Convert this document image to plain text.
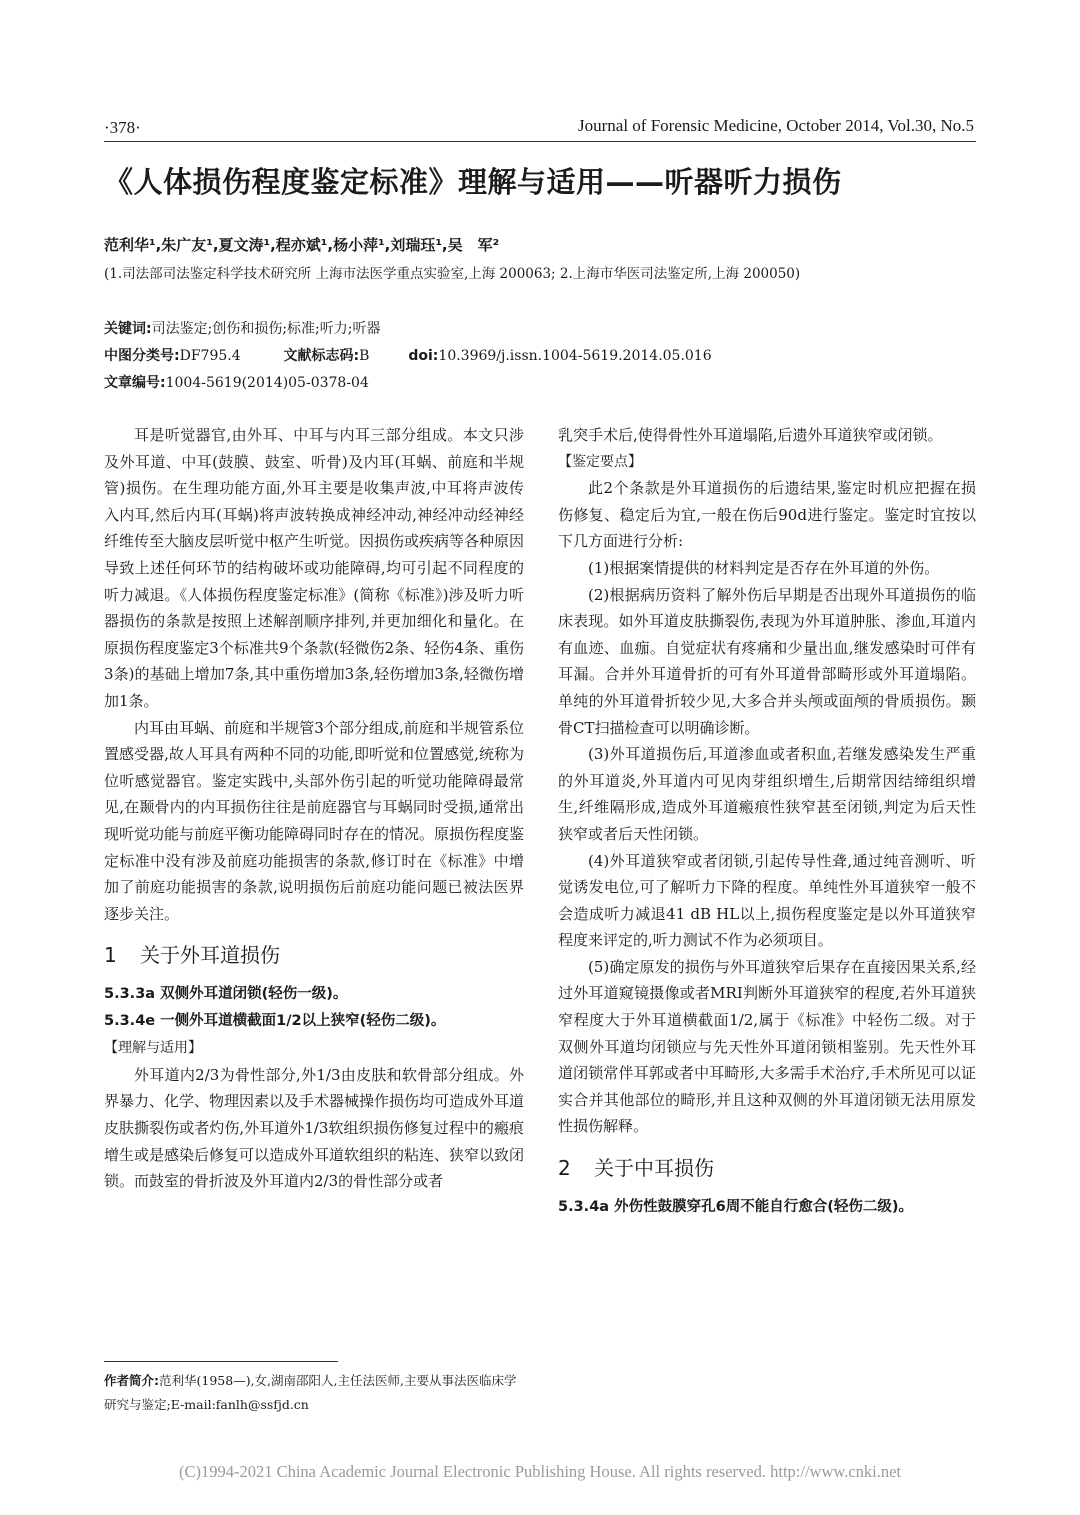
·378·	Journal of Forensic Medicine, October 2014, Vol.30, No.5
《人体损伤程度鉴定标准》理解与适用——听器听力损伤
范利华¹,朱广友¹,夏文涛¹,程亦斌¹,杨小萍¹,刘瑞珏¹,吴　军²
(1.司法部司法鉴定科学技术研究所 上海市法医学重点实验室,上海 200063; 2.上海市华医司法鉴定所,上海 200050)
关键词:司法鉴定;创伤和损伤;标准;听力;听器
中图分类号:DF795.4	文献标志码:B	doi:10.3969/j.issn.1004-5619.2014.05.016
文章编号:1004-5619(2014)05-0378-04

耳是听觉器官,由外耳、中耳与内耳三部分组成。本文只涉及外耳道、中耳(鼓膜、鼓室、听骨)及内耳(耳蜗、前庭和半规管)损伤。在生理功能方面,外耳主要是收集声波,中耳将声波传入内耳,然后内耳(耳蜗)将声波转换成神经冲动,神经冲动经神经纤维传至大脑皮层听觉中枢产生听觉。因损伤或疾病等各种原因导致上述任何环节的结构破坏或功能障碍,均可引起不同程度的听力减退。《人体损伤程度鉴定标准》(简称《标准》)涉及听力听器损伤的条款是按照上述解剖顺序排列,并更加细化和量化。在原损伤程度鉴定3个标准共9个条款(轻微伤2条、轻伤4条、重伤3条)的基础上增加7条,其中重伤增加3条,轻伤增加3条,轻微伤增加1条。

内耳由耳蜗、前庭和半规管3个部分组成,前庭和半规管系位置感受器,故人耳具有两种不同的功能,即听觉和位置感觉,统称为位听感觉器官。鉴定实践中,头部外伤引起的听觉功能障碍最常见,在颞骨内的内耳损伤往往是前庭器官与耳蜗同时受损,通常出现听觉功能与前庭平衡功能障碍同时存在的情况。原损伤程度鉴定标准中没有涉及前庭功能损害的条款,修订时在《标准》中增加了前庭功能损害的条款,说明损伤后前庭功能问题已被法医界逐步关注。

1 关于外耳道损伤

5.3.3a 双侧外耳道闭锁(轻伤一级)。

5.3.4e 一侧外耳道横截面1/2以上狭窄(轻伤二级)。

【理解与适用】

外耳道内2/3为骨性部分,外1/3由皮肤和软骨部分组成。外界暴力、化学、物理因素以及手术器械操作损伤均可造成外耳道皮肤撕裂伤或者灼伤,外耳道外1/3软组织损伤修复过程中的瘢痕增生或是感染后修复可以造成外耳道软组织的粘连、狭窄以致闭锁。而鼓室的骨折波及外耳道内2/3的骨性部分或者

乳突手术后,使得骨性外耳道塌陷,后遗外耳道狭窄或闭锁。

【鉴定要点】

此2个条款是外耳道损伤的后遗结果,鉴定时机应把握在损伤修复、稳定后为宜,一般在伤后90d进行鉴定。鉴定时宜按以下几方面进行分析:

(1)根据案情提供的材料判定是否存在外耳道的外伤。

(2)根据病历资料了解外伤后早期是否出现外耳道损伤的临床表现。如外耳道皮肤撕裂伤,表现为外耳道肿胀、渗血,耳道内有血迹、血痂。自觉症状有疼痛和少量出血,继发感染时可伴有耳漏。合并外耳道骨折的可有外耳道骨部畸形或外耳道塌陷。单纯的外耳道骨折较少见,大多合并头颅或面颅的骨质损伤。颞骨CT扫描检查可以明确诊断。

(3)外耳道损伤后,耳道渗血或者积血,若继发感染发生严重的外耳道炎,外耳道内可见肉芽组织增生,后期常因结缔组织增生,纤维隔形成,造成外耳道瘢痕性狭窄甚至闭锁,判定为后天性狭窄或者后天性闭锁。

(4)外耳道狭窄或者闭锁,引起传导性聋,通过纯音测听、听觉诱发电位,可了解听力下降的程度。单纯性外耳道狭窄一般不会造成听力减退41 dB HL以上,损伤程度鉴定是以外耳道狭窄程度来评定的,听力测试不作为必须项目。

(5)确定原发的损伤与外耳道狭窄后果存在直接因果关系,经过外耳道窥镜摄像或者MRI判断外耳道狭窄的程度,若外耳道狭窄程度大于外耳道横截面1/2,属于《标准》中轻伤二级。对于双侧外耳道均闭锁应与先天性外耳道闭锁相鉴别。先天性外耳道闭锁常伴耳郭或者中耳畸形,大多需手术治疗,手术所见可以证实合并其他部位的畸形,并且这种双侧的外耳道闭锁无法用原发性损伤解释。

2 关于中耳损伤

5.3.4a 外伤性鼓膜穿孔6周不能自行愈合(轻伤二级)。

作者简介:范利华(1958—),女,湖南邵阳人,主任法医师,主要从事法医临床学研究与鉴定;E-mail:fanlh@ssfjd.cn
(C)1994-2021 China Academic Journal Electronic Publishing House. All rights reserved. http://www.cnki.net
